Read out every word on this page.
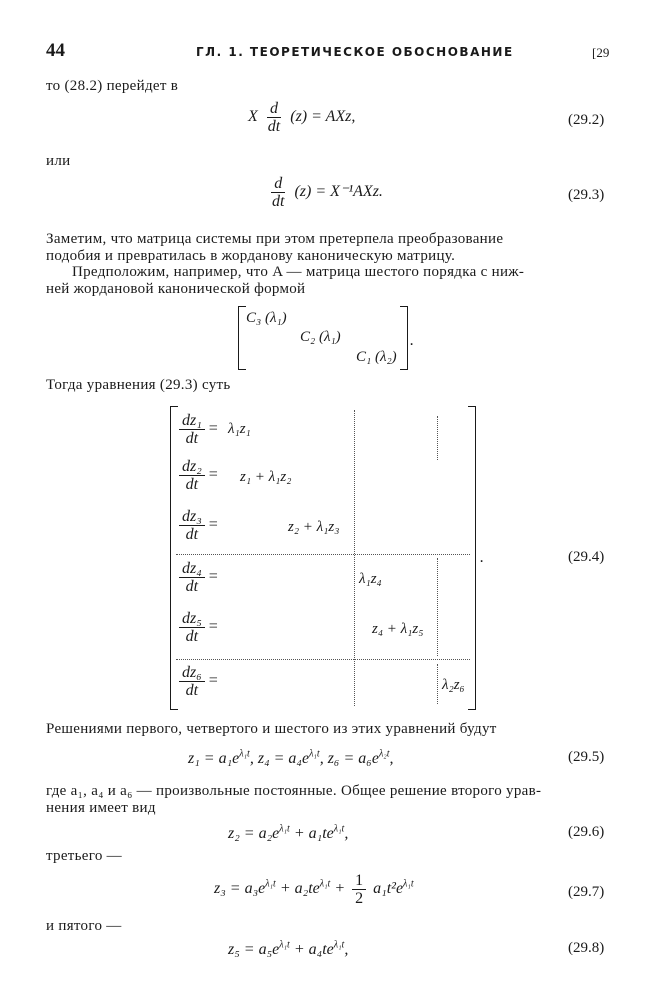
44	ГЛ. 1. ТЕОРЕТИЧЕСКОЕ ОБОСНОВАНИЕ	[29
то (28.2) перейдет в
X $\frac{d}{dt} (z)$ = AXz,	(29.2)
или
$\frac{d}{dt} (z) = X^{-1}AXz$.	(29.3)
Заметим, что матрица системы при этом претерпела преобразование
подобия и превратилась в жорданову каноническую матрицу.
Предположим, например, что A — матрица шестого порядка с ниж-
ней жордановой канонической формой
C₃ (λ₁)
C₂ (λ₁)
C₁ (λ₂)
.
Тогда уравнения (29.3) суть
$\frac{\text{dz₁}}{dt} = \lambda_1z_1$
$\frac{\text{dz₂}}{dt} = z_1 + \lambda_1z_2$
$\frac{\text{dz₃}}{dt}$ =	z₂ + λ₁z₃
$\frac{\text{dz₄}}{dt}$ =	λ₁z₄
$\frac{\text{dz₅}}{dt}$ =	z₄ + λ₁z₅
$\frac{\text{dz₆}}{dt}$ =	λ₂z₆
.	(29.4)
Решениями первого, четвертого и шестого из этих уравнений будут
$z_1 = a_1e^{\lambda_1t}$, $z_4 = a_4e^{\lambda_1t}$, $z_6 = a_6e^{\lambda_2t}$,	(29.5)
где a₁, a₄ и a₆ — произвольные постоянные. Общее решение второго урав-
нения имеет вид
$z_2 = a_2e^{\lambda_1t} + a_1te^{\lambda_1t}$,	(29.6)
третьего —
$z_3 = a_3e^{\lambda_1t} + a_2te^{\lambda_1t} + \frac{1}{2} a_1t^2e^{\lambda_1t}$	(29.7)
и пятого —
$z_5 = a_5e^{\lambda_1t} + a_4te^{\lambda_1t}$,	(29.8)
